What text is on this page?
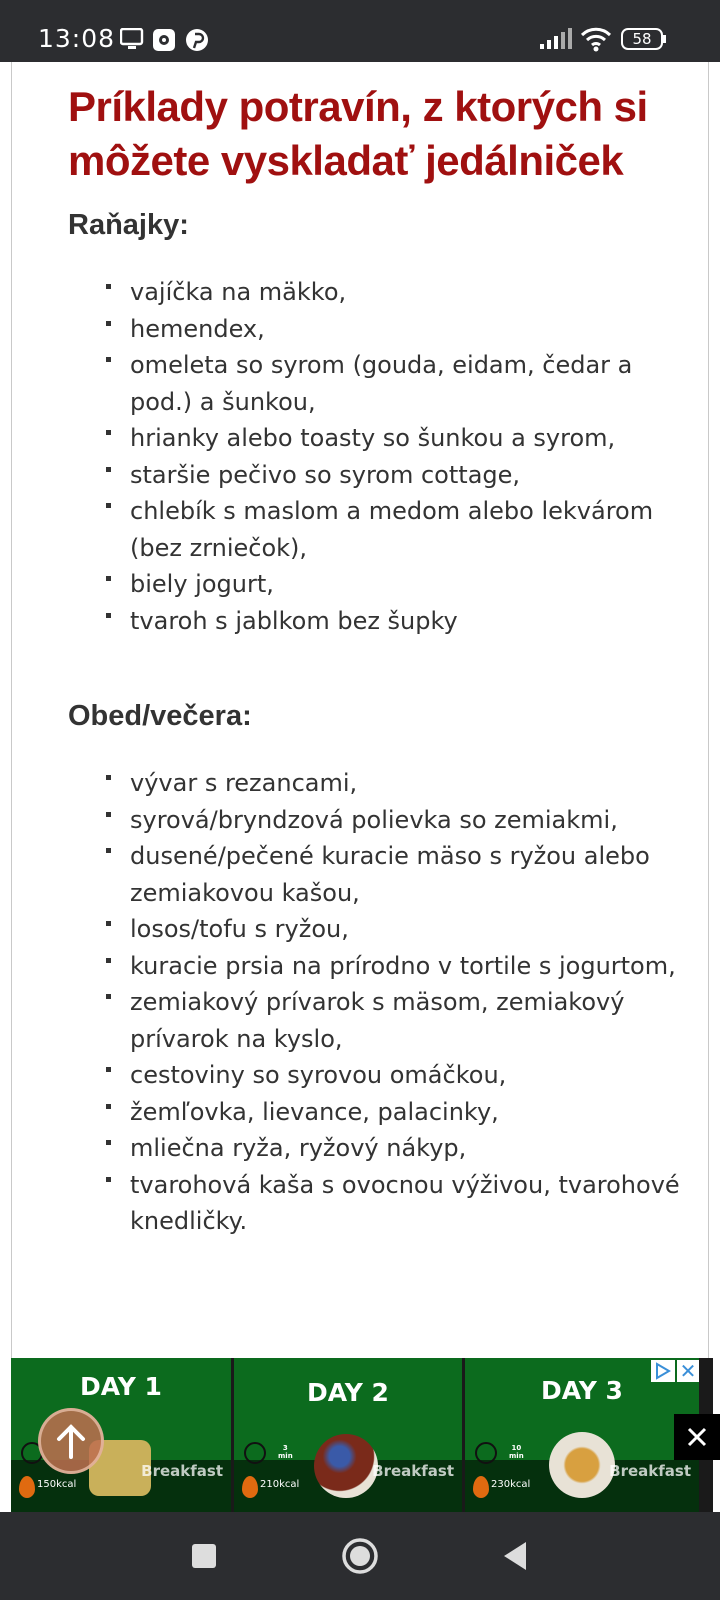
13:08	58
Príklady potravín, z ktorých si môžete vyskladať jedálniček
Raňajky:
vajíčka na mäkko,
hemendex,
omeleta so syrom (gouda, eidam, čedar a pod.) a šunkou,
hrianky alebo toasty so šunkou a syrom,
staršie pečivo so syrom cottage,
chlebík s maslom a medom alebo lekvárom (bez zrniečok),
biely jogurt,
tvaroh s jablkom bez šupky
Obed/večera:
vývar s rezancami,
syrová/bryndzová polievka so zemiakmi,
dusené/pečené kuracie mäso s ryžou alebo zemiakovou kašou,
losos/tofu s ryžou,
kuracie prsia na prírodno v tortile s jogurtom,
zemiakový prívarok s mäsom, zemiakový prívarok na kyslo,
cestoviny so syrovou omáčkou,
žemľovka, lievance, palacinky,
mliečna ryža, ryžový nákyp,
tvarohová kaša s ovocnou výživou, tvarohové knedličky.
DAY 1
150kcal
Breakfast
DAY 2
3
min
210kcal
Breakfast
DAY 3
10
min
230kcal
Breakfast
✕
